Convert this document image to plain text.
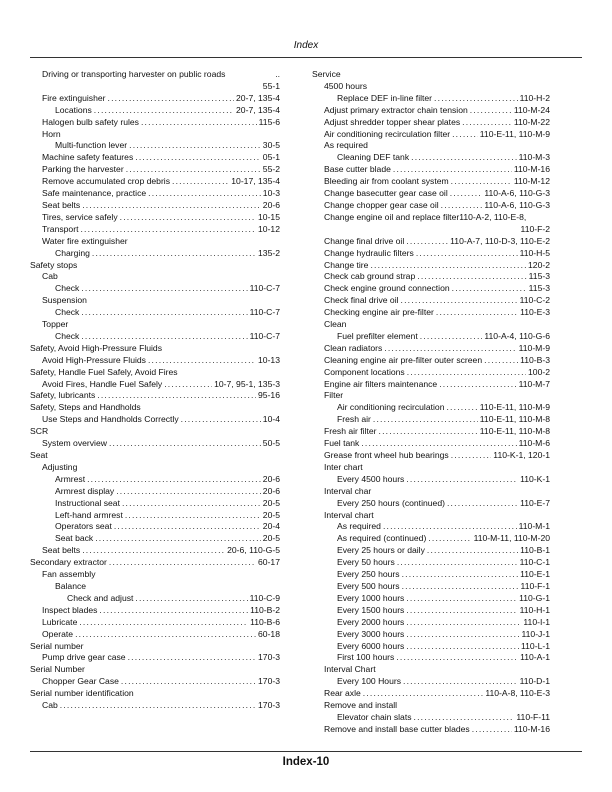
Index
Driving or transporting harvester on public roads	..
55-1
Fire extinguisher . . .	20-7, 135-4
Locations . . .	20-7, 135-4
Halogen bulb safety rules . . .	115-6
Horn
Multi-function lever . . .	30-5
Machine safety features . . .	05-1
Parking the harvester . . .	55-2
Remove accumulated crop debris . . .	10-17, 135-4
Safe maintenance, practice . . .	10-3
Seat belts . . .	20-6
Tires, service safely . . .	10-15
Transport . . .	10-12
Water fire extinguisher
Charging . . .	135-2
Safety stops
Cab
Check . . .	110-C-7
Suspension
Check . . .	110-C-7
Topper
Check . . .	110-C-7
Safety, Avoid High-Pressure Fluids
Avoid High-Pressure Fluids . . .	10-13
Safety, Handle Fuel Safely, Avoid Fires
Avoid Fires, Handle Fuel Safely . . .	10-7, 95-1, 135-3
Safety, lubricants . . .	95-16
Safety, Steps and Handholds
Use Steps and Handholds Correctly . . .	10-4
SCR
System overview . . .	50-5
Seat
Adjusting
Armrest . . .	20-6
Armrest display . . .	20-6
Instructional seat . . .	20-5
Left-hand armrest . . .	20-5
Operators seat . . .	20-4
Seat back . . .	20-5
Seat belts . . .	20-6, 110-G-5
Secondary extractor . . .	60-17
Fan assembly
Balance
Check and adjust . . .	110-C-9
Inspect blades . . .	110-B-2
Lubricate . . .	110-B-6
Operate . . .	60-18
Serial number
Pump drive gear case . . .	170-3
Serial Number
Chopper Gear Case . . .	170-3
Serial number identification
Cab . . .	170-3
Service
4500 hours
Replace DEF in-line filter . . .	110-H-2
Adjust primary extractor chain tension . . .	110-M-24
Adjust shredder topper shear plates . . .	110-M-22
Air conditioning recirculation filter . . .	110-E-11, 110-M-9
As required
Cleaning DEF tank . . .	110-M-3
Base cutter blade . . .	110-M-16
Bleeding air from coolant system . . .	110-M-12
Change basecutter gear case oil . . .	110-A-6, 110-G-3
Change chopper gear case oil . . .	110-A-6, 110-G-3
Change engine oil and replace filter110-A-2, 110-E-8,
110-F-2
Change final drive oil . . .	110-A-7, 110-D-3, 110-E-2
Change hydraulic filters . . .	110-H-5
Change tire . . .	120-2
Check cab ground strap . . .	115-3
Check engine ground connection . . .	115-3
Check final drive oil . . .	110-C-2
Checking engine air pre-filter . . .	110-E-3
Clean
Fuel prefilter element . . .	110-A-4, 110-G-6
Clean radiators . . .	110-M-9
Cleaning engine air pre-filter outer screen . . .	110-B-3
Component locations . . .	100-2
Engine air filters maintenance . . .	110-M-7
Filter
Air conditioning recirculation . . .	110-E-11, 110-M-9
Fresh air . . .	110-E-11, 110-M-8
Fresh air filter . . .	110-E-11, 110-M-8
Fuel tank . . .	110-M-6
Grease front wheel hub bearings . . .	110-K-1, 120-1
Inter chart
Every 4500 hours . . .	110-K-1
Interval char
Every 250 hours (continued) . . .	110-E-7
Interval chart
As required . . .	110-M-1
As required (continued) . . .	110-M-11, 110-M-20
Every 25 hours or daily . . .	110-B-1
Every 50 hours . . .	110-C-1
Every 250 hours . . .	110-E-1
Every 500 hours . . .	110-F-1
Every 1000 hours . . .	110-G-1
Every 1500 hours . . .	110-H-1
Every 2000 hours . . .	110-I-1
Every 3000 hours . . .	110-J-1
Every 6000 hours . . .	110-L-1
First 100 hours . . .	110-A-1
Interval Chart
Every 100 Hours . . .	110-D-1
Rear axle . . .	110-A-8, 110-E-3
Remove and install
Elevator chain slats . . .	110-F-11
Remove and install base cutter blades . . .	110-M-16
Index-10
